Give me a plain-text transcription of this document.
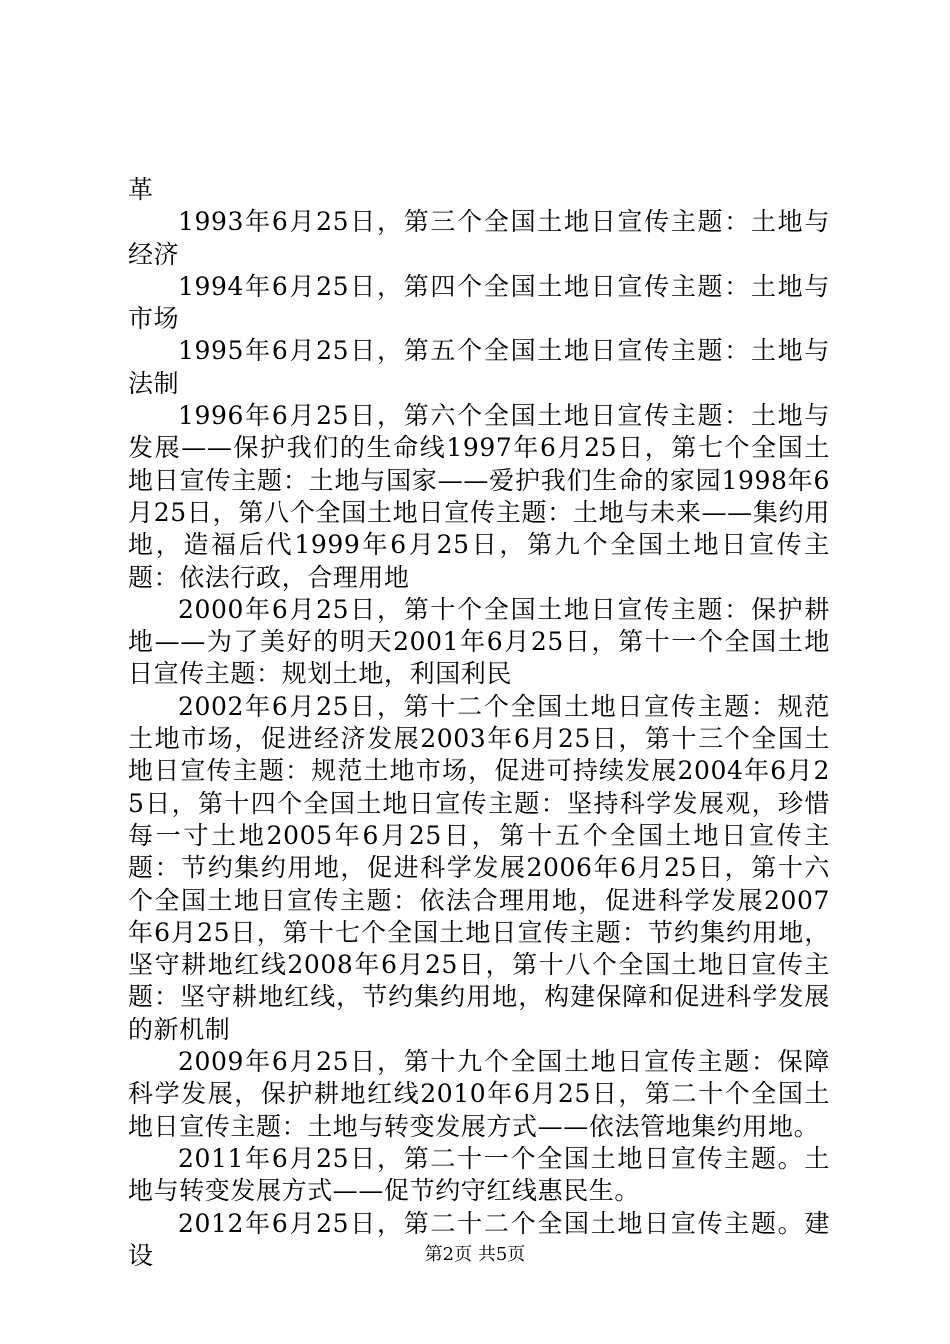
革

1993年6月25日，第三个全国土地日宣传主题：土地与经济

1994年6月25日，第四个全国土地日宣传主题：土地与市场

1995年6月25日，第五个全国土地日宣传主题：土地与法制

1996年6月25日，第六个全国土地日宣传主题：土地与发展——保护我们的生命线1997年6月25日，第七个全国土地日宣传主题：土地与国家——爱护我们生命的家园1998年6月25日，第八个全国土地日宣传主题：土地与未来——集约用地，造福后代1999年6月25日，第九个全国土地日宣传主题：依法行政，合理用地

2000年6月25日，第十个全国土地日宣传主题：保护耕地——为了美好的明天2001年6月25日，第十一个全国土地日宣传主题：规划土地，利国利民

2002年6月25日，第十二个全国土地日宣传主题：规范土地市场，促进经济发展2003年6月25日，第十三个全国土地日宣传主题：规范土地市场，促进可持续发展2004年6月25日，第十四个全国土地日宣传主题：坚持科学发展观，珍惜每一寸土地2005年6月25日，第十五个全国土地日宣传主题：节约集约用地，促进科学发展2006年6月25日，第十六个全国土地日宣传主题：依法合理用地，促进科学发展2007年6月25日，第十七个全国土地日宣传主题：节约集约用地，坚守耕地红线2008年6月25日，第十八个全国土地日宣传主题：坚守耕地红线，节约集约用地，构建保障和促进科学发展的新机制

2009年6月25日，第十九个全国土地日宣传主题：保障科学发展，保护耕地红线2010年6月25日，第二十个全国土地日宣传主题：土地与转变发展方式——依法管地集约用地。

2011年6月25日，第二十一个全国土地日宣传主题。土地与转变发展方式——促节约守红线惠民生。

2012年6月25日，第二十二个全国土地日宣传主题。建设	第2页 共5页
